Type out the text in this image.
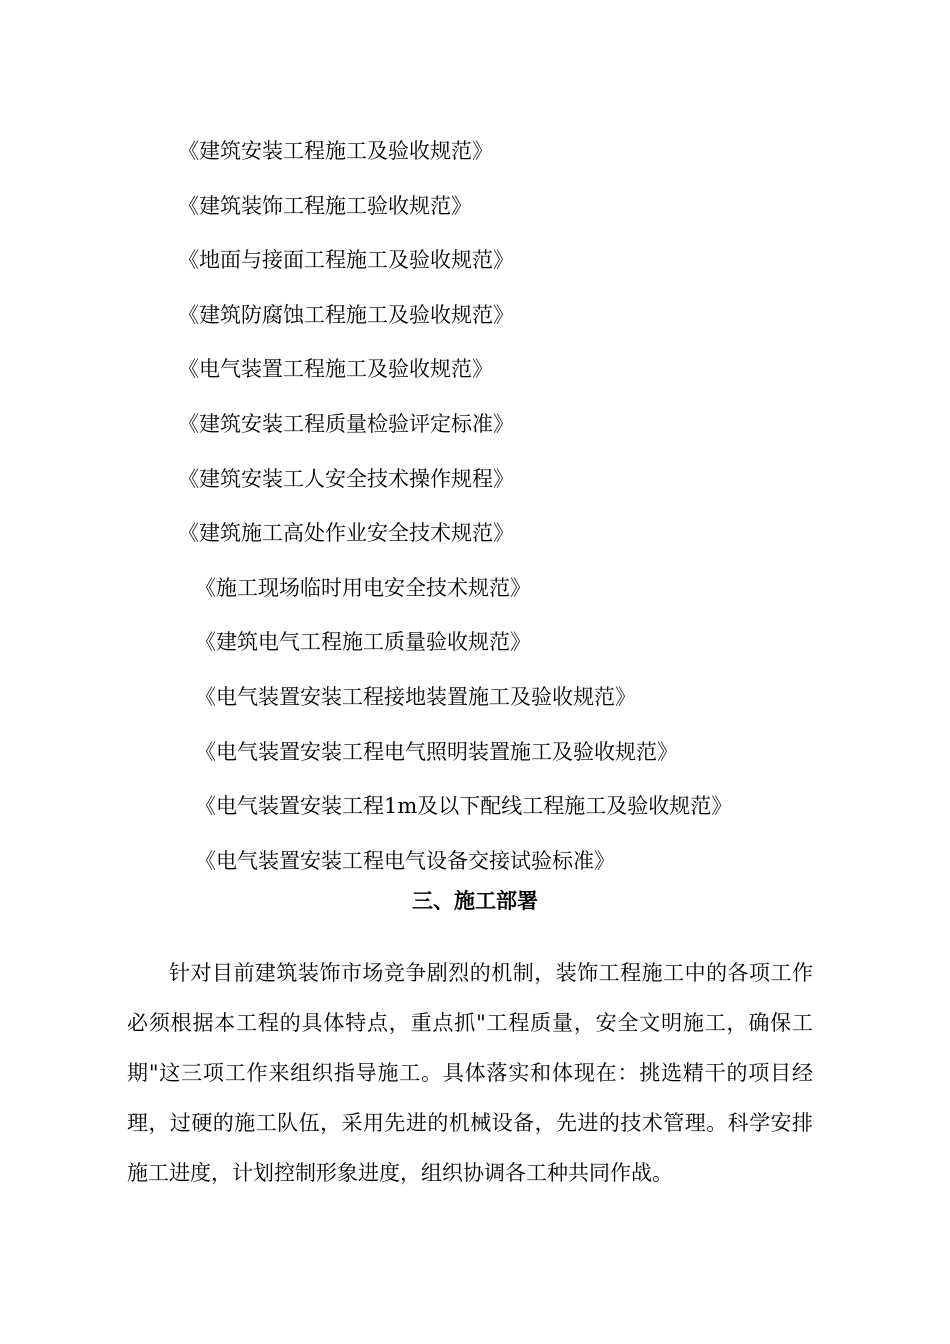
《建筑安装工程施工及验收规范》
《建筑装饰工程施工验收规范》
《地面与接面工程施工及验收规范》
《建筑防腐蚀工程施工及验收规范》
《电气装置工程施工及验收规范》
《建筑安装工程质量检验评定标准》
《建筑安装工人安全技术操作规程》
《建筑施工高处作业安全技术规范》
《施工现场临时用电安全技术规范》
《建筑电气工程施工质量验收规范》
《电气装置安装工程接地装置施工及验收规范》
《电气装置安装工程电气照明装置施工及验收规范》
《电气装置安装工程1m及以下配线工程施工及验收规范》
《电气装置安装工程电气设备交接试验标准》
三、施工部署

针对目前建筑装饰市场竞争剧烈的机制，装饰工程施工中的各项工作必须根据本工程的具体特点，重点抓"工程质量，安全文明施工，确保工期"这三项工作来组织指导施工。具体落实和体现在：挑选精干的项目经理，过硬的施工队伍，采用先进的机械设备，先进的技术管理。科学安排施工进度，计划控制形象进度，组织协调各工种共同作战。
